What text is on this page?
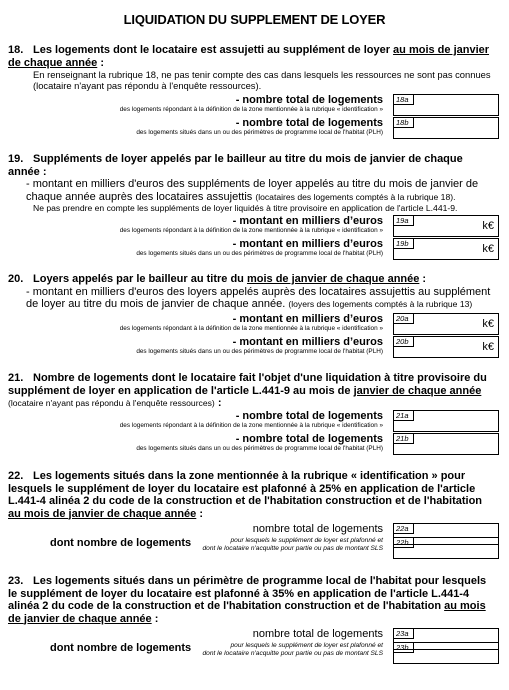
LIQUIDATION DU SUPPLEMENT DE LOYER
18. Les logements dont le locataire est assujetti au supplément de loyer au mois de janvier de chaque année :
En renseignant la rubrique 18, ne pas tenir compte des cas dans lesquels les ressources ne sont pas connues (locataire n'ayant pas répondu à l'enquête ressources).
- nombre total de logements
des logements répondant à la définition de la zone mentionnée à la rubrique « identification »
18a
- nombre total de logements
des logements situés dans un ou des périmètres de programme local de l'habitat (PLH)
18b
19. Suppléments de loyer appelés par le bailleur au titre du mois de janvier de chaque année :
- montant en milliers d'euros des suppléments de loyer appelés au titre du mois de janvier de chaque année auprès des locataires assujettis (locataires des logements comptés à la rubrique 18).
Ne pas prendre en compte les suppléments de loyer liquidés à titre provisoire en application de l'article L.441-9.
- montant en milliers d’euros
des logements répondant à la définition de la zone mentionnée à la rubrique « identification »
19a	k€
- montant en milliers d’euros
des logements situés dans un ou des périmètres de programme local de l'habitat (PLH)
19b	k€
20. Loyers appelés par le bailleur au titre du mois de janvier de chaque année :
- montant en milliers d'euros des loyers appelés auprès des locataires assujettis au supplément de loyer au titre du mois de janvier de chaque année. (loyers des logements comptés à la rubrique 13)
- montant en milliers d’euros
des logements répondant à la définition de la zone mentionnée à la rubrique « identification »
20a	k€
- montant en milliers d’euros
des logements situés dans un ou des périmètres de programme local de l'habitat (PLH)
20b	k€
21. Nombre de logements dont le locataire fait l'objet d'une liquidation à titre provisoire du supplément de loyer en application de l'article L.441-9 au mois de janvier de chaque année (locataire n'ayant pas répondu à l'enquête ressources) :
- nombre total de logements
des logements répondant à la définition de la zone mentionnée à la rubrique « identification »
21a
- nombre total de logements
des logements situés dans un ou des périmètres de programme local de l'habitat (PLH)
21b
22. Les logements situés dans la zone mentionnée à la rubrique « identification » pour lesquels le supplément de loyer du locataire est plafonné à 25% en application de l'article L.441-4 alinéa 2 du code de la construction et de l'habitation construction et de l'habitation au mois de janvier de chaque année :
nombre total de logements 22a
dont nombre de logements	pour lesquels le supplément de loyer est plafonné et
dont le locataire n'acquitte pour partie ou pas de montant SLS
22b
23. Les logements situés dans un périmètre de programme local de l'habitat pour lesquels le supplément de loyer du locataire est plafonné à 35% en application de l'article L.441-4 alinéa 2 du code de la construction et de l'habitation construction et de l'habitation au mois de janvier de chaque année :
nombre total de logements 23a
dont nombre de logements	pour lesquels le supplément de loyer est plafonné et
dont le locataire n'acquitte pour partie ou pas de montant SLS
23b
